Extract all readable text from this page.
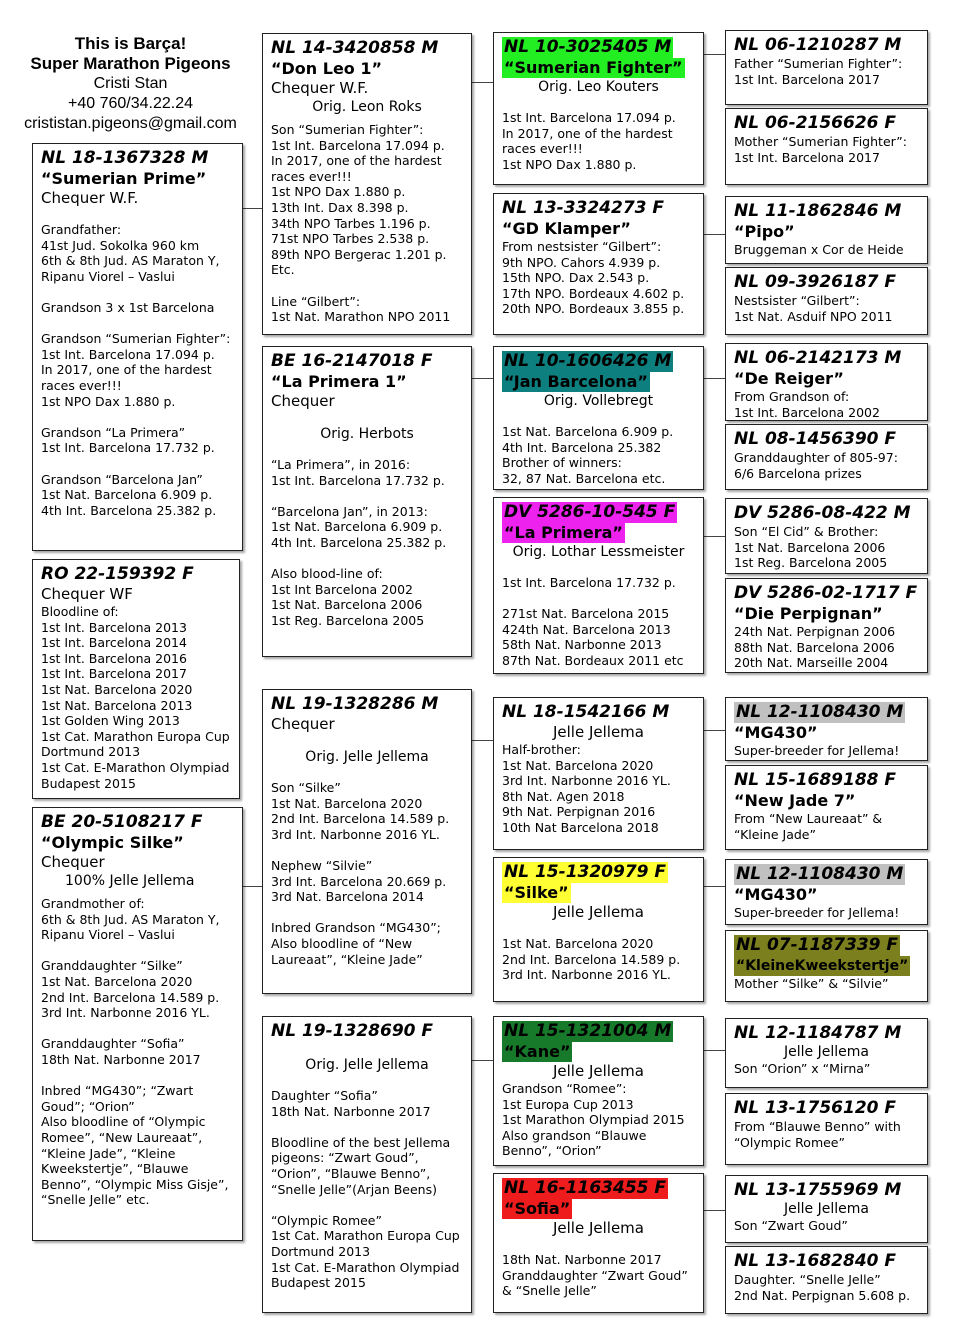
This is Barça!
Super Marathon Pigeons
Cristi Stan
+40 760/34.22.24
crististan.pigeons@gmail.com
NL 18-1367328 M
“Sumerian Prime”
Chequer W.F.
Grandfather:
41st Jud. Sokolka 960 km
6th & 8th Jud. AS Maraton Y, Ripanu Viorel – Vaslui

Grandson 3 x 1st Barcelona

Grandson “Sumerian Fighter”:
1st Int. Barcelona 17.094 p.
In 2017, one of the hardest races ever!!!
1st NPO Dax 1.880 p.

Grandson “La Primera”
1st Int. Barcelona 17.732 p.

Grandson “Barcelona Jan”
1st Nat. Barcelona 6.909 p.
4th Int. Barcelona 25.382 p.
RO 22-159392 F
Chequer WF
Bloodline of:
1st Int. Barcelona 2013
1st Int. Barcelona 2014
1st Int. Barcelona 2016
1st Int. Barcelona 2017
1st Nat. Barcelona 2020
1st Nat. Barcelona 2013
1st Golden Wing 2013
1st Cat. Marathon Europa Cup Dortmund 2013
1st Cat. E-Marathon Olympiad Budapest 2015
BE 20-5108217 F
“Olympic Silke”
Chequer
100% Jelle Jellema
Grandmother of:
6th & 8th Jud. AS Maraton Y, Ripanu Viorel – Vaslui

Granddaughter “Silke”
1st Nat. Barcelona 2020
2nd Int. Barcelona 14.589 p.
3rd Int. Narbonne 2016 YL.

Granddaughter “Sofia”
18th Nat. Narbonne 2017

Inbred “MG430”; “Zwart Goud”; “Orion”
Also bloodline of “Olympic Romee”, “New Laureaat”, “Kleine Jade”, “Kleine Kweekstertje”, “Blauwe Benno”, “Olympic Miss Gisje”, “Snelle Jelle” etc.
NL 14-3420858 M
“Don Leo 1”
Chequer W.F.
Orig. Leon Roks
Son “Sumerian Fighter”:
1st Int. Barcelona 17.094 p.
In 2017, one of the hardest races ever!!!
1st NPO Dax 1.880 p.
13th Int. Dax 8.398 p.
34th NPO Tarbes 1.196 p.
71st NPO Tarbes 2.538 p.
89th NPO Bergerac 1.201 p.
Etc.

Line “Gilbert”:
1st Nat. Marathon NPO 2011
BE 16-2147018 F
“La Primera 1”
Chequer
Orig. Herbots
“La Primera”, in 2016:
1st Int. Barcelona 17.732 p.

“Barcelona Jan”, in 2013:
1st Nat. Barcelona 6.909 p.
4th Int. Barcelona 25.382 p.

Also blood-line of:
1st Int Barcelona 2002
1st Nat. Barcelona 2006
1st Reg. Barcelona 2005
NL 19-1328286 M
Chequer
Orig. Jelle Jellema
Son “Silke”
1st Nat. Barcelona 2020
2nd Int. Barcelona 14.589 p.
3rd Int. Narbonne 2016 YL.

Nephew “Silvie”
3rd Int. Barcelona 20.669 p.
3rd Nat. Barcelona 2014

Inbred Grandson “MG430”;
Also bloodline of “New Laureaat”, “Kleine Jade”
NL 19-1328690 F
Orig. Jelle Jellema
Daughter “Sofia”
18th Nat. Narbonne 2017

Bloodline of the best Jellema pigeons: “Zwart Goud”, “Orion”, “Blauwe Benno”, “Snelle Jelle”(Arjan Beens)

“Olympic Romee”
1st Cat. Marathon Europa Cup Dortmund 2013
1st Cat. E-Marathon Olympiad Budapest 2015
NL 10-3025405 M
“Sumerian Fighter”
Orig. Leo Kouters
1st Int. Barcelona 17.094 p.
In 2017, one of the hardest races ever!!!
1st NPO Dax 1.880 p.
NL 13-3324273 F
“GD Klamper”
From nestsister “Gilbert”:
9th NPO. Cahors 4.939 p.
15th NPO. Dax 2.543 p.
17th NPO. Bordeaux 4.602 p.
20th NPO. Bordeaux 3.855 p.
NL 10-1606426 M
“Jan Barcelona”
Orig. Vollebregt
1st Nat. Barcelona 6.909 p.
4th Int. Barcelona 25.382
Brother of winners:
32, 87 Nat. Barcelona etc.
DV 5286-10-545 F
“La Primera”
Orig. Lothar Lessmeister
1st Int. Barcelona 17.732 p.

271st Nat. Barcelona 2015
424th Nat. Barcelona 2013
58th Nat. Narbonne 2013
87th Nat. Bordeaux 2011 etc
NL 18-1542166 M
Jelle Jellema
Half-brother:
1st Nat. Barcelona 2020
3rd Int. Narbonne 2016 YL.
8th Nat. Agen 2018
9th Nat. Perpignan 2016
10th Nat Barcelona 2018
NL 15-1320979 F
“Silke”
Jelle Jellema
1st Nat. Barcelona 2020
2nd Int. Barcelona 14.589 p.
3rd Int. Narbonne 2016 YL.
NL 15-1321004 M
“Kane”
Jelle Jellema
Grandson “Romee”:
1st Europa Cup 2013
1st Marathon Olympiad 2015
Also grandson “Blauwe Benno”, “Orion”
NL 16-1163455 F
“Sofia”
Jelle Jellema
18th Nat. Narbonne 2017
Granddaughter “Zwart Goud” & “Snelle Jelle”
NL 06-1210287 M
Father “Sumerian Fighter”:
1st Int. Barcelona 2017
NL 06-2156626 F
Mother “Sumerian Fighter”:
1st Int. Barcelona 2017
NL 11-1862846 M
“Pipo”
Bruggeman x Cor de Heide
NL 09-3926187 F
Nestsister “Gilbert”:
1st Nat. Asduif NPO 2011
NL 06-2142173 M
“De Reiger”
From Grandson of:
1st Int. Barcelona 2002
NL 08-1456390 F
Granddaughter of 805-97:
6/6 Barcelona prizes
DV 5286-08-422 M
Son “El Cid” & Brother:
1st Nat. Barcelona 2006
1st Reg. Barcelona 2005
DV 5286-02-1717 F
“Die Perpignan”
24th Nat. Perpignan 2006
88th Nat. Barcelona 2006
20th Nat. Marseille 2004
NL 12-1108430 M
“MG430”
Super-breeder for Jellema!
NL 15-1689188 F
“New Jade 7”
From “New Laureaat” & “Kleine Jade”
NL 12-1108430 M
“MG430”
Super-breeder for Jellema!
NL 07-1187339 F
“KleineKweekstertje”
Mother “Silke” & “Silvie”
NL 12-1184787 M
Jelle Jellema
Son “Orion” x “Mirna”
NL 13-1756120 F
From “Blauwe Benno” with “Olympic Romee”
NL 13-1755969 M
Jelle Jellema
Son “Zwart Goud”
NL 13-1682840 F
Daughter. “Snelle Jelle”
2nd Nat. Perpignan 5.608 p.
